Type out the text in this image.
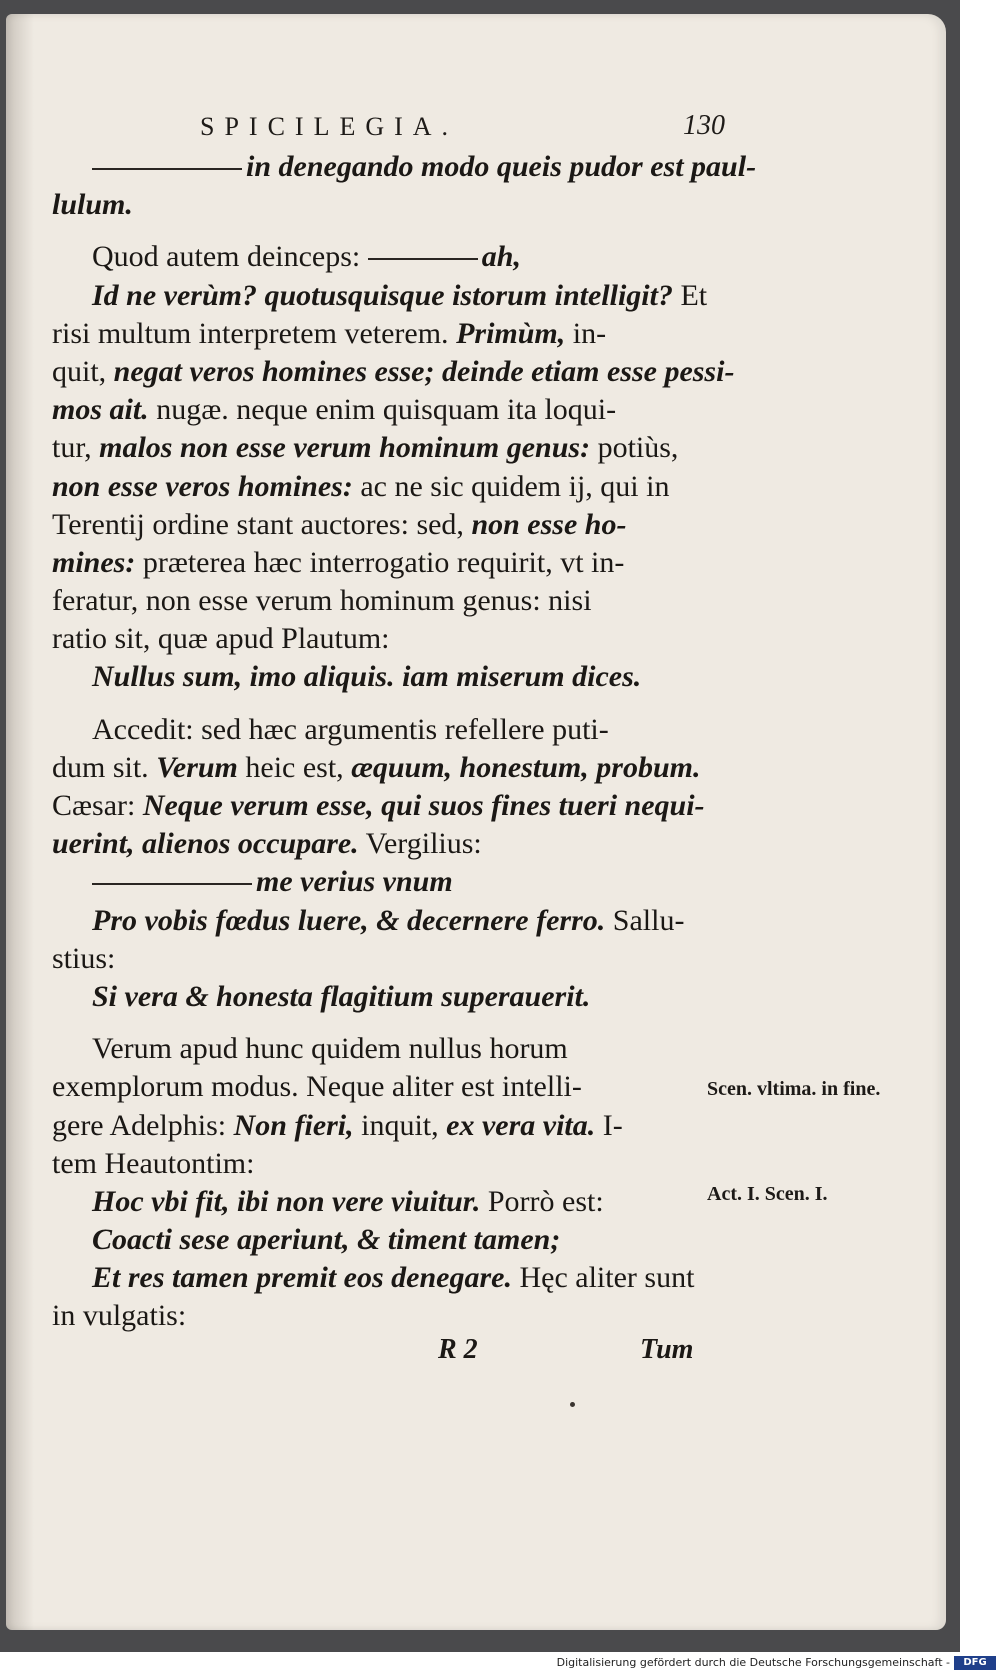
SPICILEGIA.	130
in denegando modo queis pudor est paul-
lulum.
Quod autem deinceps:	ah,
Id ne verùm? quotusquisque istorum intelligit? Et
risi multum interpretem veterem. Primùm, in-
quit, negat veros homines esse; deinde etiam esse pessi-
mos ait. nugæ. neque enim quisquam ita loqui-
tur, malos non esse verum hominum genus: potiùs,
non esse veros homines: ac ne sic quidem ij, qui in
Terentij ordine stant auctores: sed, non esse ho-
mines: præterea hæc interrogatio requirit, vt in-
feratur, non esse verum hominum genus: nisi
ratio sit, quæ apud Plautum:
Nullus sum, imo aliquis. iam miserum dices.
Accedit: sed hæc argumentis refellere puti-
dum sit. Verum heic est, æquum, honestum, probum.
Cæsar: Neque verum esse, qui suos fines tueri nequi-
uerint, alienos occupare. Vergilius:
me verius vnum
Pro vobis fœdus luere, & decernere ferro. Sallu-
stius:
Si vera & honesta flagitium superauerit.
Verum apud hunc quidem nullus horum
exemplorum modus. Neque aliter est intelli-
gere Adelphis: Non fieri, inquit, ex vera vita. I-
tem Heautontim:
Hoc vbi fit, ibi non vere viuitur. Porrò est:
Coacti sese aperiunt, & timent tamen;
Et res tamen premit eos denegare. Hęc aliter sunt
in vulgatis:
Scen. vltima. in fine.
Act. I. Scen. I.
R 2	Tum
Digitalisierung gefördert durch die Deutsche Forschungsgemeinschaft -	DFG
